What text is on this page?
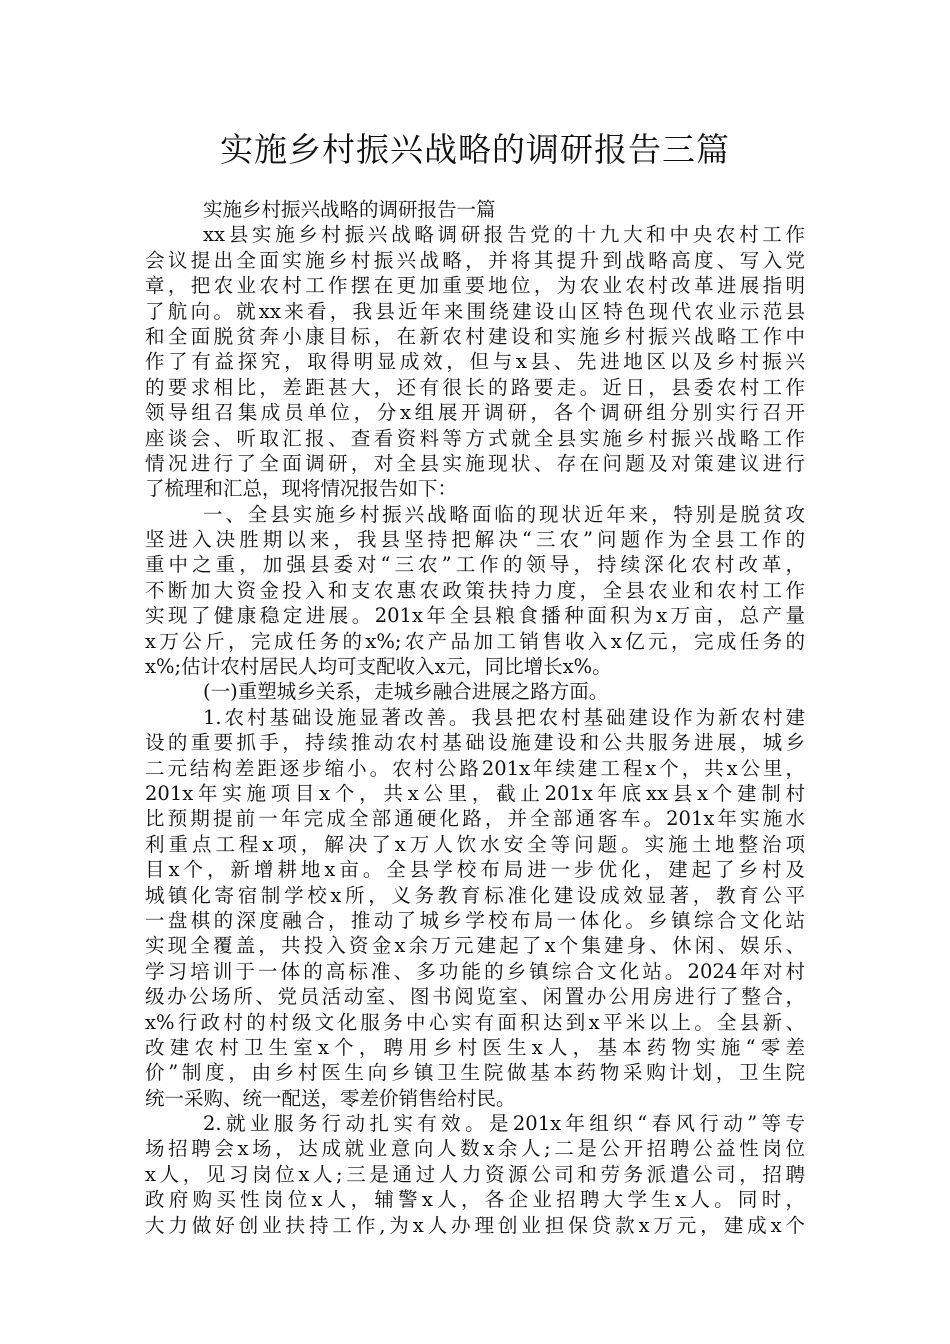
实施乡村振兴战略的调研报告三篇
实施乡村振兴战略的调研报告一篇
xx县实施乡村振兴战略调研报告党的十九大和中央农村工作
会议提出全面实施乡村振兴战略，并将其提升到战略高度、写入党
章，把农业农村工作摆在更加重要地位，为农业农村改革进展指明
了航向。就xx来看，我县近年来围绕建设山区特色现代农业示范县
和全面脱贫奔小康目标，在新农村建设和实施乡村振兴战略工作中
作了有益探究，取得明显成效，但与x县、先进地区以及乡村振兴
的要求相比，差距甚大，还有很长的路要走。近日，县委农村工作
领导组召集成员单位，分x组展开调研，各个调研组分别实行召开
座谈会、听取汇报、查看资料等方式就全县实施乡村振兴战略工作
情况进行了全面调研，对全县实施现状、存在问题及对策建议进行
了梳理和汇总，现将情况报告如下：
一、全县实施乡村振兴战略面临的现状近年来，特别是脱贫攻
坚进入决胜期以来，我县坚持把解决“三农”问题作为全县工作的
重中之重，加强县委对“三农”工作的领导，持续深化农村改革，
不断加大资金投入和支农惠农政策扶持力度，全县农业和农村工作
实现了健康稳定进展。201x年全县粮食播种面积为x万亩，总产量
x万公斤，完成任务的x%;农产品加工销售收入x亿元，完成任务的
x%;估计农村居民人均可支配收入x元，同比增长x%。
(一)重塑城乡关系，走城乡融合进展之路方面。
1.农村基础设施显著改善。我县把农村基础建设作为新农村建
设的重要抓手，持续推动农村基础设施建设和公共服务进展，城乡
二元结构差距逐步缩小。农村公路201x年续建工程x个，共x公里，
201x年实施项目x个，共x公里，截止201x年底xx县x个建制村
比预期提前一年完成全部通硬化路，并全部通客车。201x年实施水
利重点工程x项，解决了x万人饮水安全等问题。实施土地整治项
目x个，新增耕地x亩。全县学校布局进一步优化，建起了乡村及
城镇化寄宿制学校x所，义务教育标准化建设成效显著，教育公平
一盘棋的深度融合，推动了城乡学校布局一体化。乡镇综合文化站
实现全覆盖，共投入资金x余万元建起了x个集建身、休闲、娱乐、
学习培训于一体的高标准、多功能的乡镇综合文化站。2024年对村
级办公场所、党员活动室、图书阅览室、闲置办公用房进行了整合，
x%行政村的村级文化服务中心实有面积达到x平米以上。全县新、
改建农村卫生室x个，聘用乡村医生x人，基本药物实施“零差
价”制度，由乡村医生向乡镇卫生院做基本药物采购计划，卫生院
统一采购、统一配送，零差价销售给村民。
2.就业服务行动扎实有效。是201x年组织“春风行动”等专
场招聘会x场，达成就业意向人数x余人;二是公开招聘公益性岗位
x人，见习岗位x人;三是通过人力资源公司和劳务派遣公司，招聘
政府购买性岗位x人，辅警x人，各企业招聘大学生x人。同时，
大力做好创业扶持工作,为x人办理创业担保贷款x万元，建成x个
